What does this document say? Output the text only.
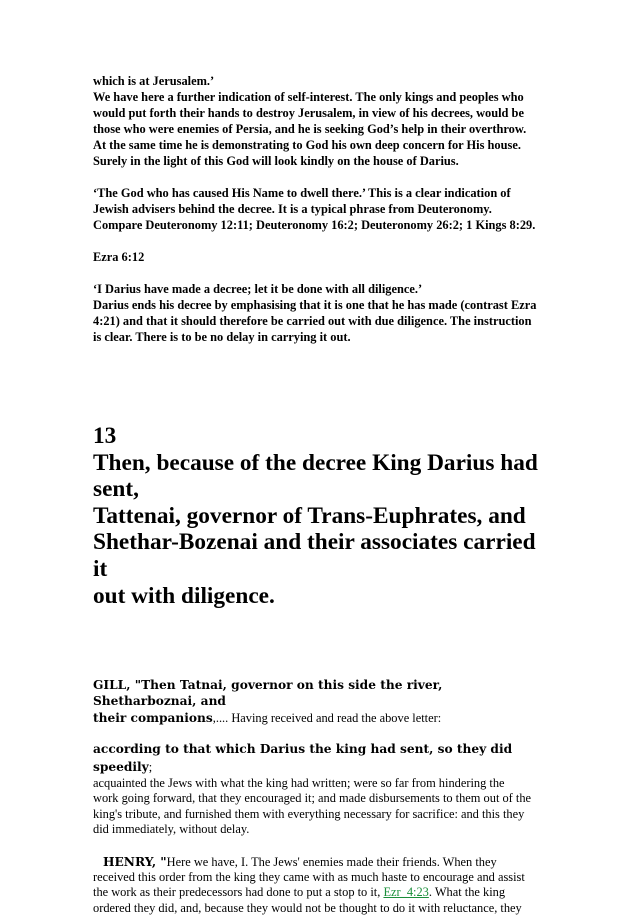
which is at Jerusalem.’
We have here a further indication of self-interest. The only kings and peoples who
would put forth their hands to destroy Jerusalem, in view of his decrees, would be
those who were enemies of Persia, and he is seeking God’s help in their overthrow.
At the same time he is demonstrating to God his own deep concern for His house.
Surely in the light of this God will look kindly on the house of Darius.
‘The God who has caused His Name to dwell there.’ This is a clear indication of
Jewish advisers behind the decree. It is a typical phrase from Deuteronomy.
Compare Deuteronomy 12:11; Deuteronomy 16:2; Deuteronomy 26:2; 1 Kings 8:29.
Ezra 6:12
‘I Darius have made a decree; let it be done with all diligence.’
Darius ends his decree by emphasising that it is one that he has made (contrast Ezra
4:21) and that it should therefore be carried out with due diligence. The instruction
is clear. There is to be no delay in carrying it out.
13
Then, because of the decree King Darius had sent,
Tattenai, governor of Trans-Euphrates, and
Shethar-Bozenai and their associates carried it
out with diligence.
GILL, "Then Tatnai, governor on this side the river, Shetharboznai, and
their companions,.... Having received and read the above letter:
according to that which Darius the king had sent, so they did speedily;
acquainted the Jews with what the king had written; were so far from hindering the
work going forward, that they encouraged it; and made disbursements to them out of the
king's tribute, and furnished them with everything necessary for sacrifice: and this they
did immediately, without delay.
HENRY, "Here we have, I. The Jews' enemies made their friends. When they
received this order from the king they came with as much haste to encourage and assist
the work as their predecessors had done to put a stop to it, Ezr_4:23. What the king
ordered they did, and, because they would not be thought to do it with reluctance, they
